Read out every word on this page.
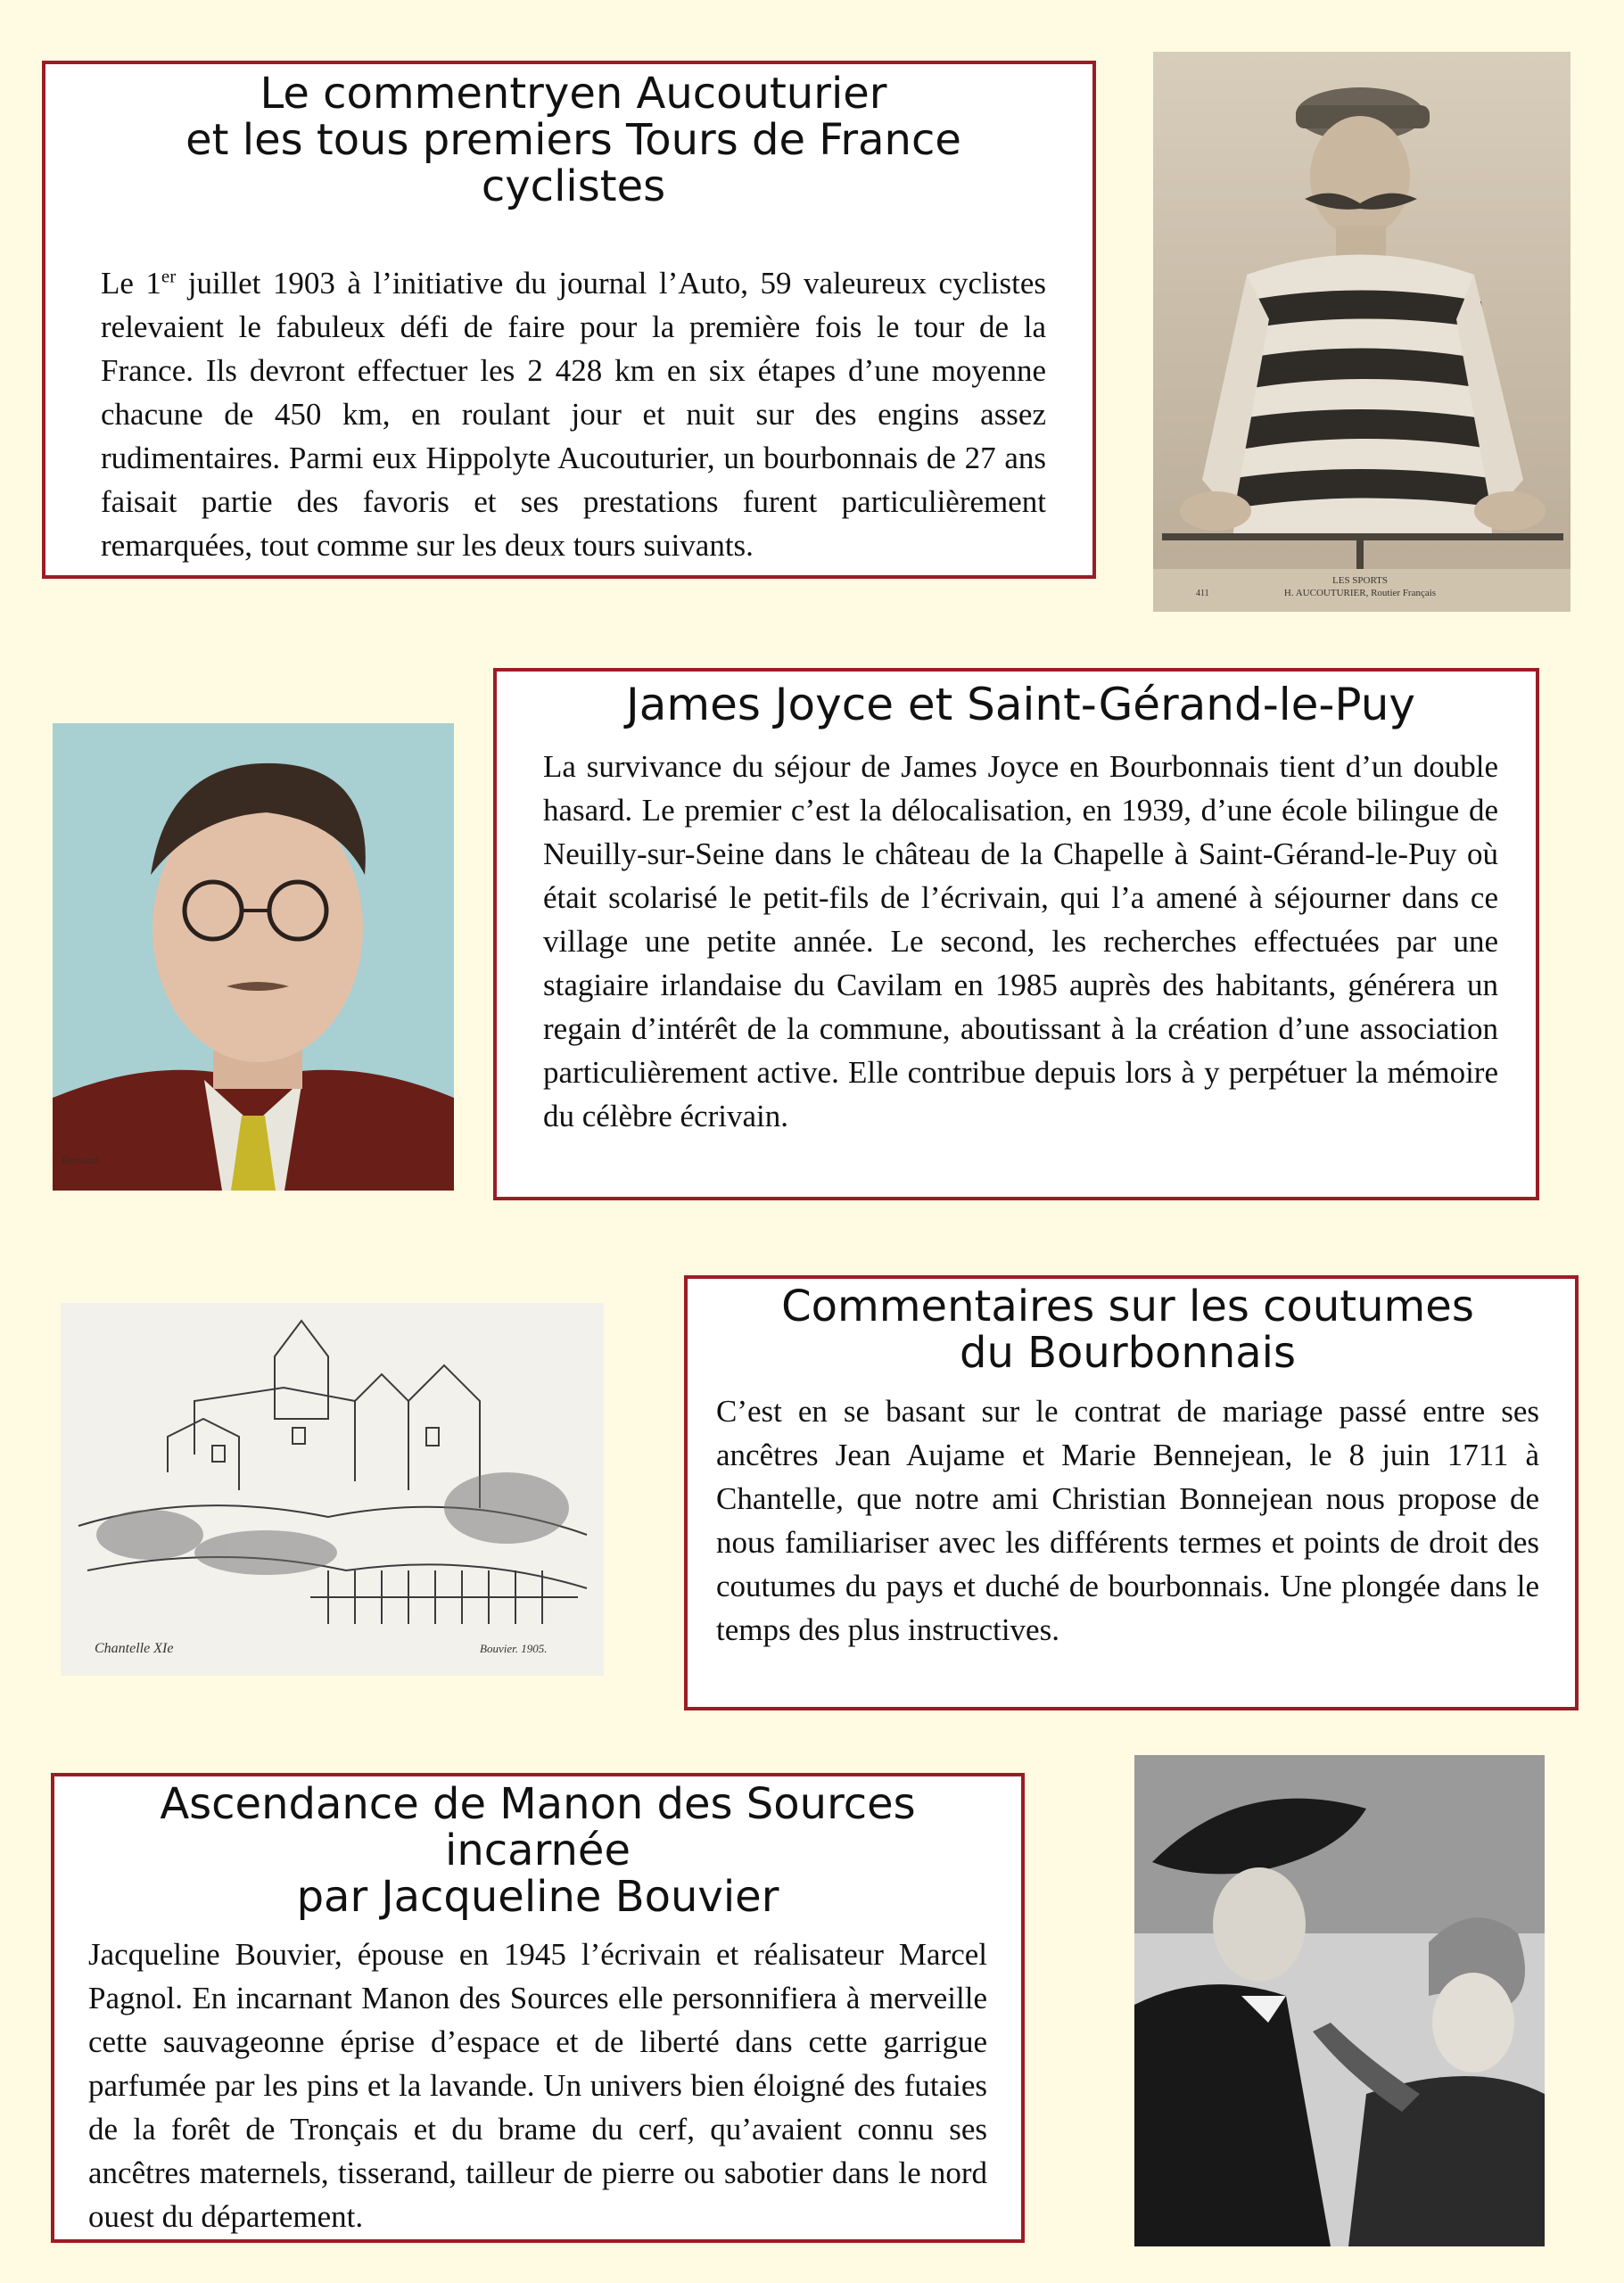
Le commentryen Aucouturier
et les tous premiers Tours de France cyclistes

Le 1er juillet 1903 à l’initiative du journal l’Auto, 59 valeureux cyclistes relevaient le fabuleux défi de faire pour la première fois le tour de la France. Ils devront effectuer les 2 428 km en six étapes d’une moyenne chacune de 450 km, en roulant jour et nuit sur des engins assez rudimentaires. Parmi eux Hippolyte Aucouturier, un bourbonnais de 27 ans faisait partie des favoris et ses prestations furent particulièrement remarquées, tout comme sur les deux tours suivants.

LES SPORTS
H. AUCOUTURIER, Routier Français
411
James Joyce et Saint-Gérand-le-Puy

La survivance du séjour de James Joyce en Bourbonnais tient d’un double hasard. Le premier c’est la délocalisation, en 1939, d’une école bilingue de Neuilly-sur-Seine dans le château de la Chapelle à Saint-Gérand-le-Puy où était scolarisé le petit-fils de l’écrivain, qui l’a amené à séjourner dans ce village une petite année. Le second, les recherches effectuées par une stagiaire irlandaise du Cavilam en 1985 auprès des habitants, générera un regain d’intérêt de la commune, aboutissant à la création d’une association particulièrement active. Elle contribue depuis lors à y perpétuer la mémoire du célèbre écrivain.

Bernard
Commentaires sur les coutumes
du Bourbonnais

C’est en se basant sur le contrat de mariage passé entre ses ancêtres Jean Aujame et Marie Bennejean, le 8 juin 1711 à Chantelle, que notre ami Christian Bonnejean nous propose de nous familiariser avec les différents termes et points de droit des coutumes du pays et duché de bourbonnais. Une plongée dans le temps des plus instructives.

Chantelle XIe	Bouvier. 1905.
Ascendance de Manon des Sources incarnée
par Jacqueline Bouvier

Jacqueline Bouvier, épouse en 1945 l’écrivain et réalisateur Marcel Pagnol. En incarnant Manon des Sources elle personnifiera à merveille cette sauvageonne éprise d’espace et de liberté dans cette garrigue parfumée par les pins et la lavande. Un univers bien éloigné des futaies de la forêt de Tronçais et du brame du cerf, qu’avaient connu ses ancêtres maternels, tisserand, tailleur de pierre ou sabotier dans le nord ouest du département.
